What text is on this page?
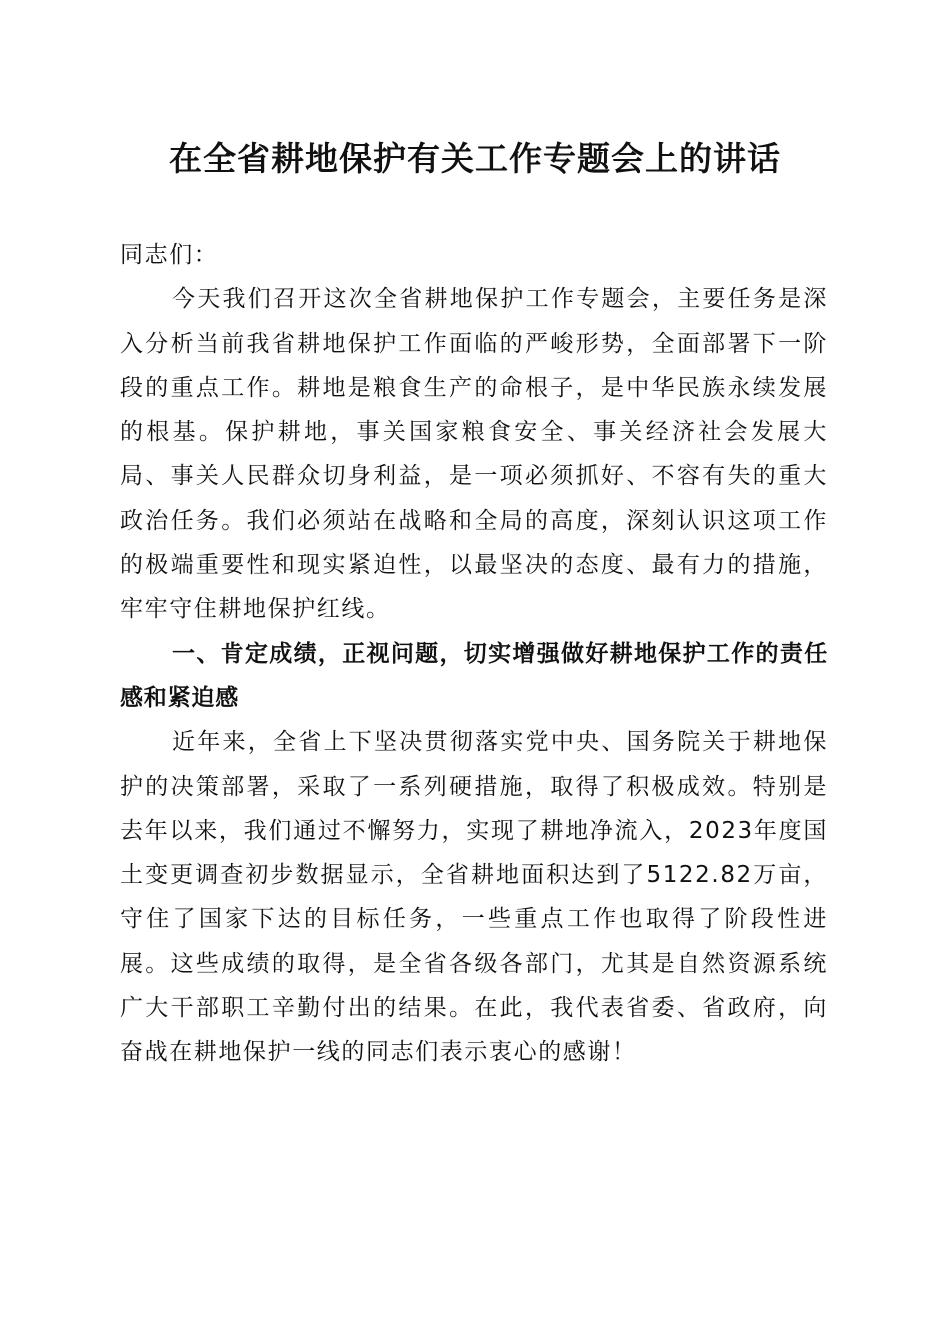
在全省耕地保护有关工作专题会上的讲话

同志们：

今天我们召开这次全省耕地保护工作专题会，主要任务是深入分析当前我省耕地保护工作面临的严峻形势，全面部署下一阶段的重点工作。耕地是粮食生产的命根子，是中华民族永续发展的根基。保护耕地，事关国家粮食安全、事关经济社会发展大局、事关人民群众切身利益，是一项必须抓好、不容有失的重大政治任务。我们必须站在战略和全局的高度，深刻认识这项工作的极端重要性和现实紧迫性，以最坚决的态度、最有力的措施，牢牢守住耕地保护红线。

一、肯定成绩，正视问题，切实增强做好耕地保护工作的责任感和紧迫感

近年来，全省上下坚决贯彻落实党中央、国务院关于耕地保护的决策部署，采取了一系列硬措施，取得了积极成效。特别是去年以来，我们通过不懈努力，实现了耕地净流入，2023年度国土变更调查初步数据显示，全省耕地面积达到了5122.82万亩，守住了国家下达的目标任务，一些重点工作也取得了阶段性进展。这些成绩的取得，是全省各级各部门，尤其是自然资源系统广大干部职工辛勤付出的结果。在此，我代表省委、省政府，向奋战在耕地保护一线的同志们表示衷心的感谢！
